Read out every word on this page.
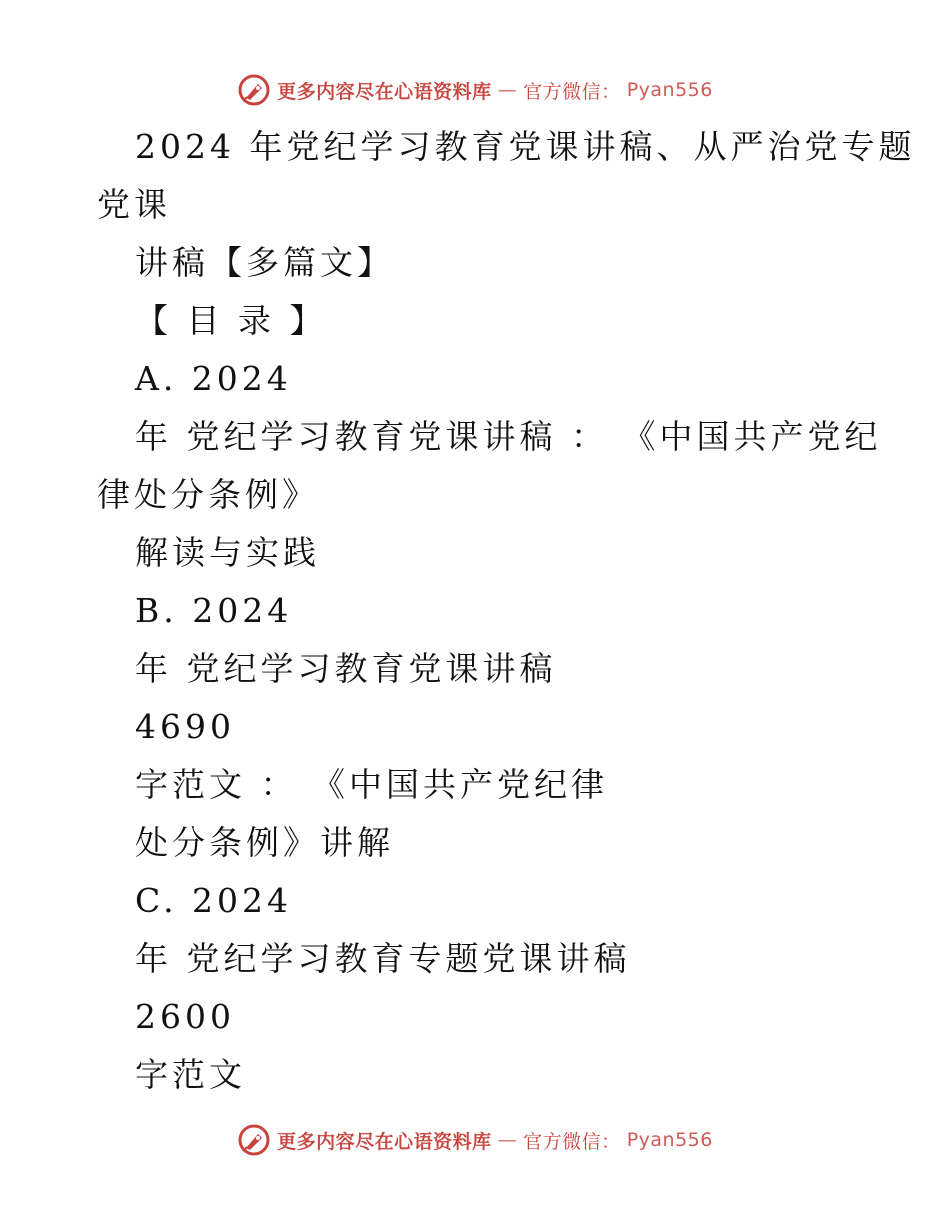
更多内容尽在心语资料库 — 官方微信： Pyan556
2024 年党纪学习教育党课讲稿、从严治党专题
党课
讲稿【多篇文】
【 目 录 】
A. 2024
年 党纪学习教育党课讲稿 ： 《中国共产党纪
律处分条例》
解读与实践
B. 2024
年 党纪学习教育党课讲稿
4690
字范文 ： 《中国共产党纪律
处分条例》讲解
C. 2024
年 党纪学习教育专题党课讲稿
2600
字范文
更多内容尽在心语资料库 — 官方微信： Pyan556
